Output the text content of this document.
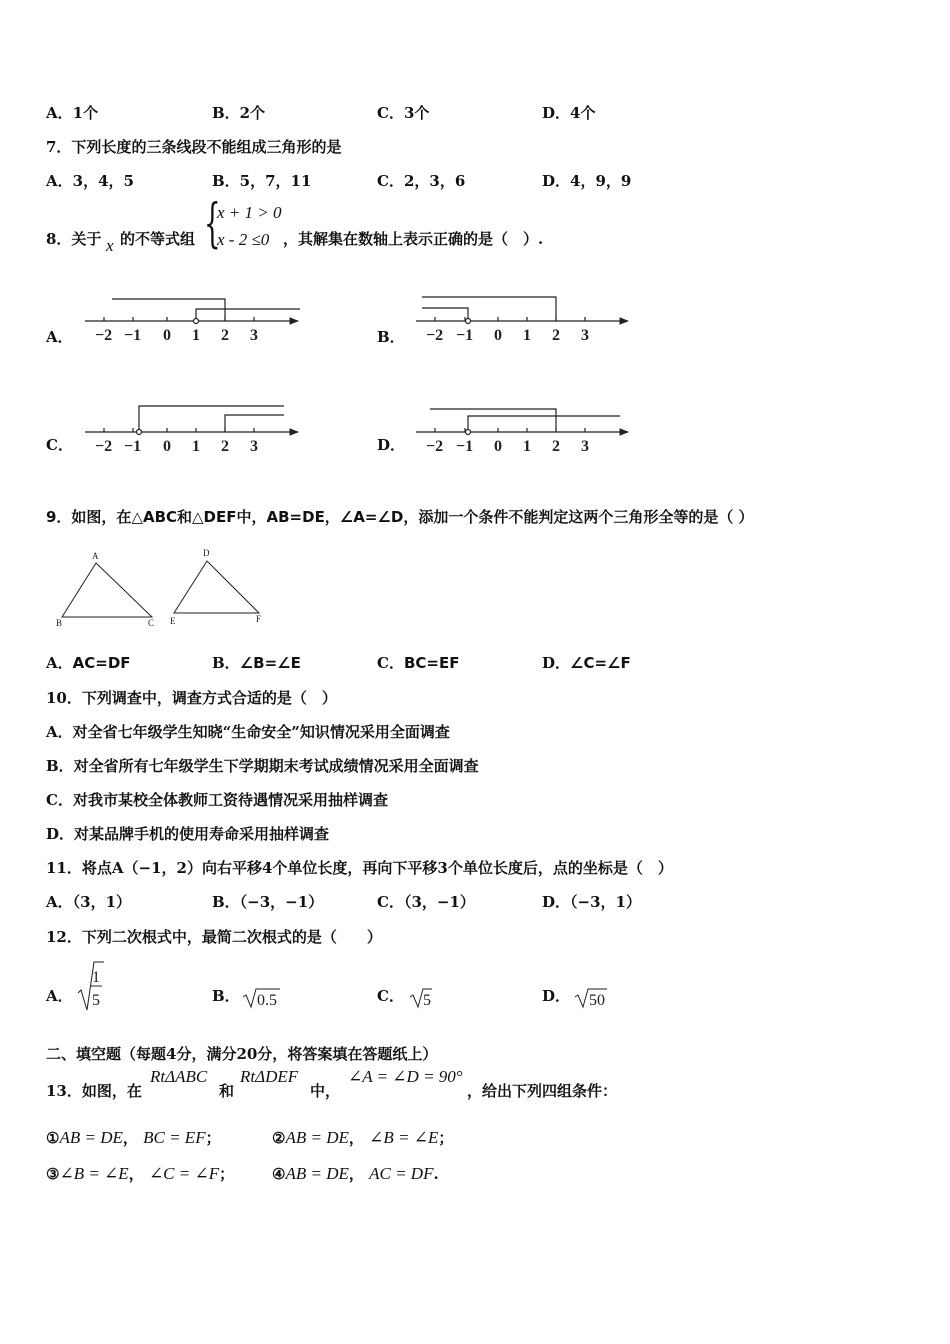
A．1个	B．2个	C．3个	D．4个
7．下列长度的三条线段不能组成三角形的是
A．3，4，5	B．5，7，11	C．2，3，6	D．4，9，9
8．关于 x 的不等式组 {
x + 1 > 0
x - 2 ≤0 ，其解集在数轴上表示正确的是（　）.
A．	B．
C．	D．
−2 −1 0 1 2 3	−2 −1 0 1 2 3
−2 −1 0 1 2 3	−2 −1 0 1 2 3
9．如图，在△ABC和△DEF中，AB=DE，∠A=∠D，添加一个条件不能判定这两个三角形全等的是（ ）
A
B	C
D
E	F
A．AC=DF	B．∠B=∠E	C．BC=EF	D．∠C=∠F
10．下列调查中，调查方式合适的是（　）
A．对全省七年级学生知晓“生命安全”知识情况采用全面调查
B．对全省所有七年级学生下学期期末考试成绩情况采用全面调查
C．对我市某校全体教师工资待遇情况采用抽样调查
D．对某品牌手机的使用寿命采用抽样调查
11．将点A（−1，2）向右平移4个单位长度，再向下平移3个单位长度后，点的坐标是（　）
A．（3，1）	B．（−3，−1）	C．（3，−1）	D．（−3，1）
12．下列二次根式中，最简二次根式的是（　　）
A．	B．	C．	D．
1
5	0.5	5	50
二、填空题（每题4分，满分20分，将答案填在答题纸上）
13．如图，在
RtΔABC
和
RtΔDEF
中，
∠A = ∠D = 90°
，给出下列四组条件：
①AB = DE， BC = EF；	②AB = DE， ∠B = ∠E；
③∠B = ∠E， ∠C = ∠F；	④AB = DE， AC = DF.
